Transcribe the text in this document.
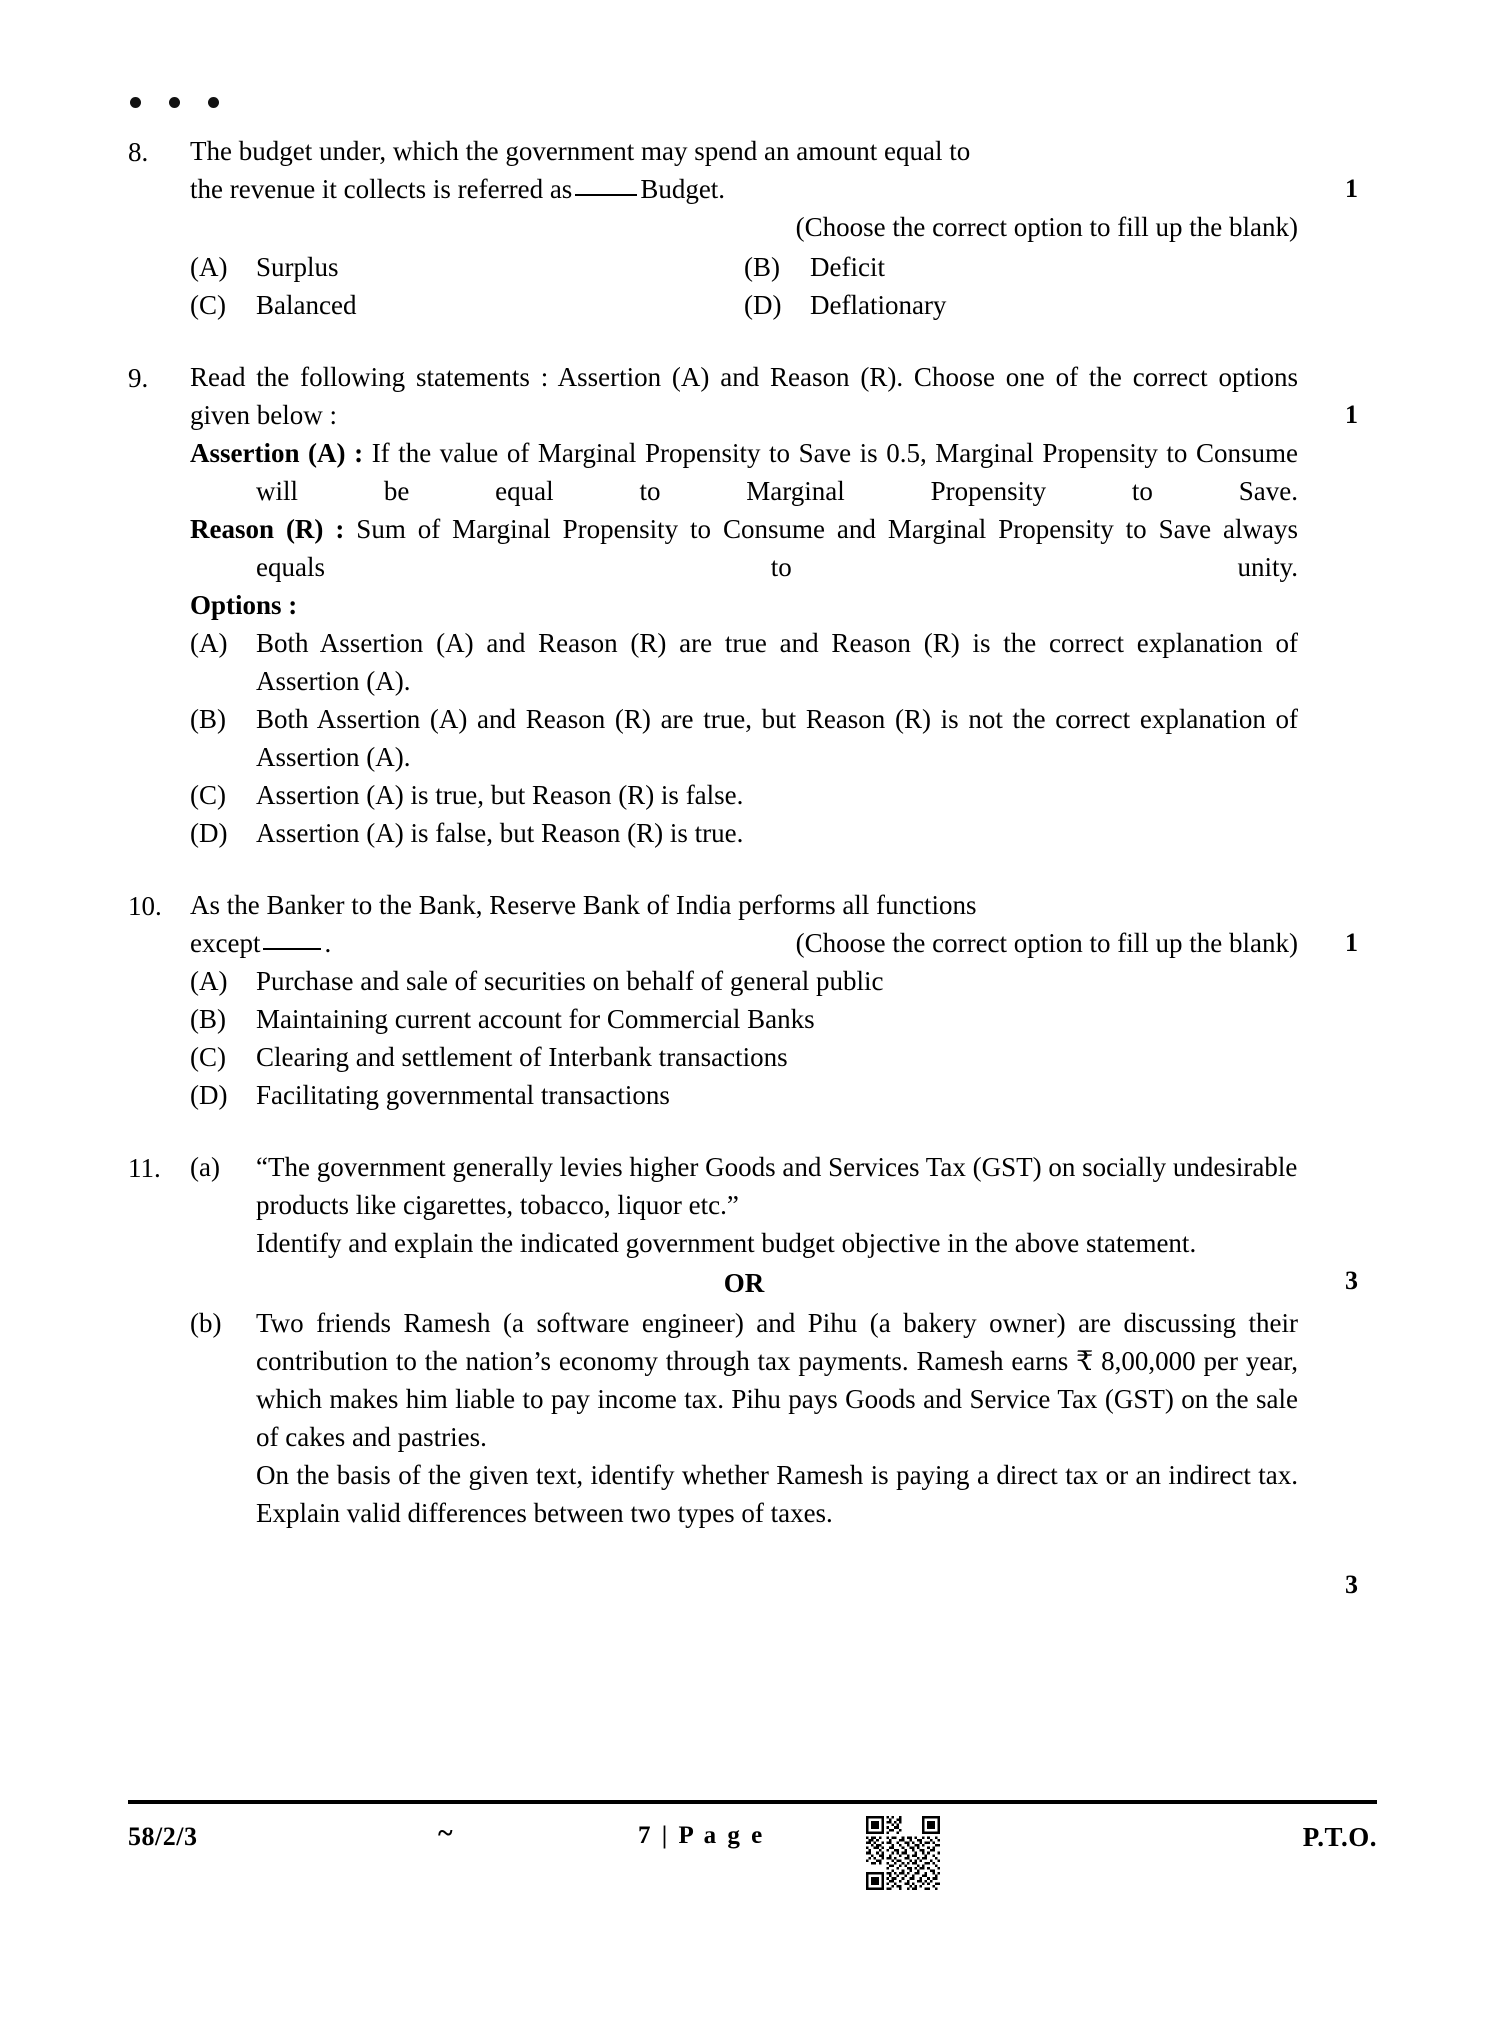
8.	The budget under, which the government may spend an amount equal to
the revenue it collects is referred as	Budget.
(Choose the correct option to fill up the blank)
(A)	Surplus	(B)	Deficit
(C)	Balanced	(D)	Deflationary
1
9.	Read the following statements : Assertion (A) and Reason (R). Choose one of the correct options given below :
Assertion (A) : If the value of Marginal Propensity to Save is 0.5, Marginal Propensity to Consume will be equal to Marginal Propensity to Save.
Reason (R) : Sum of Marginal Propensity to Consume and Marginal Propensity to Save always equals to unity.
Options :
(A)	Both Assertion (A) and Reason (R) are true and Reason (R) is the correct explanation of Assertion (A).
(B)	Both Assertion (A) and Reason (R) are true, but Reason (R) is not the correct explanation of Assertion (A).
(C)	Assertion (A) is true, but Reason (R) is false.
(D)	Assertion (A) is false, but Reason (R) is true.
1
10.	As the Banker to the Bank, Reserve Bank of India performs all functions
(Choose the correct option to fill up the blank)
except .
(A)	Purchase and sale of securities on behalf of general public
(B)	Maintaining current account for Commercial Banks
(C)	Clearing and settlement of Interbank transactions
(D)	Facilitating governmental transactions
1
11.	(a)	“The government generally levies higher Goods and Services Tax (GST) on socially undesirable products like cigarettes, tobacco, liquor etc.”
Identify and explain the indicated government budget objective in the above statement.
OR
(b)	Two friends Ramesh (a software engineer) and Pihu (a bakery owner) are discussing their contribution to the nation’s economy through tax payments. Ramesh earns ₹ 8,00,000 per year, which makes him liable to pay income tax. Pihu pays Goods and Service Tax (GST) on the sale of cakes and pastries.
On the basis of the given text, identify whether Ramesh is paying a direct tax or an indirect tax. Explain valid differences between two types of taxes.
3
3
58/2/3	~	7 | P a g e	P.T.O.
